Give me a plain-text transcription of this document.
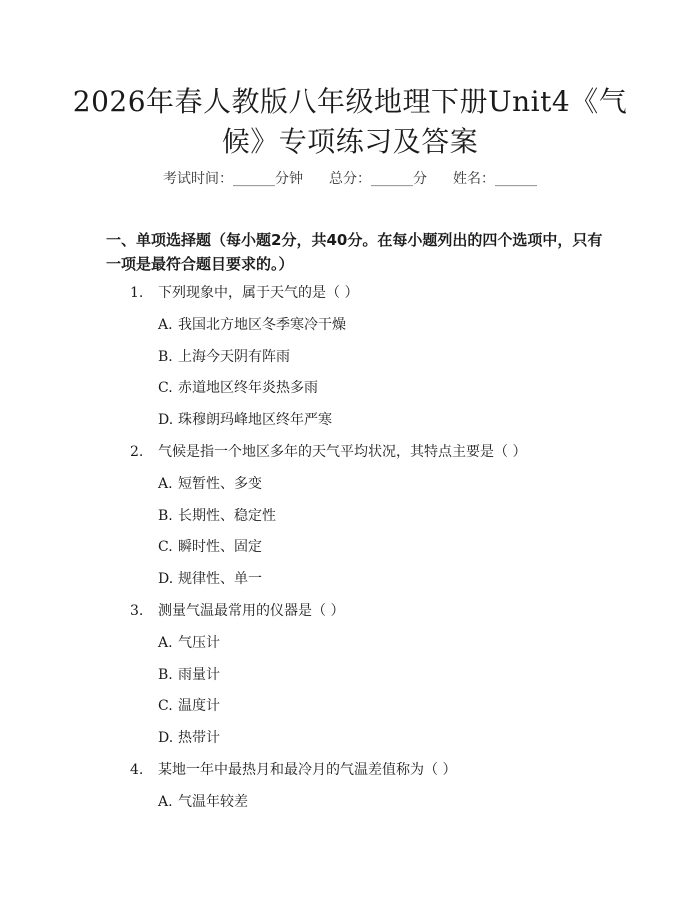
2026年春人教版八年级地理下册Unit4《气候》专项练习及答案
考试时间：______分钟 总分：______分 姓名：______
一、单项选择题（每小题2分，共40分。在每小题列出的四个选项中，只有一项是最符合题目要求的。）
1. 下列现象中，属于天气的是（ ）
A. 我国北方地区冬季寒冷干燥
B. 上海今天阴有阵雨
C. 赤道地区终年炎热多雨
D. 珠穆朗玛峰地区终年严寒
2. 气候是指一个地区多年的天气平均状况，其特点主要是（ ）
A. 短暂性、多变
B. 长期性、稳定性
C. 瞬时性、固定
D. 规律性、单一
3. 测量气温最常用的仪器是（ ）
A. 气压计
B. 雨量计
C. 温度计
D. 热带计
4. 某地一年中最热月和最冷月的气温差值称为（ ）
A. 气温年较差
